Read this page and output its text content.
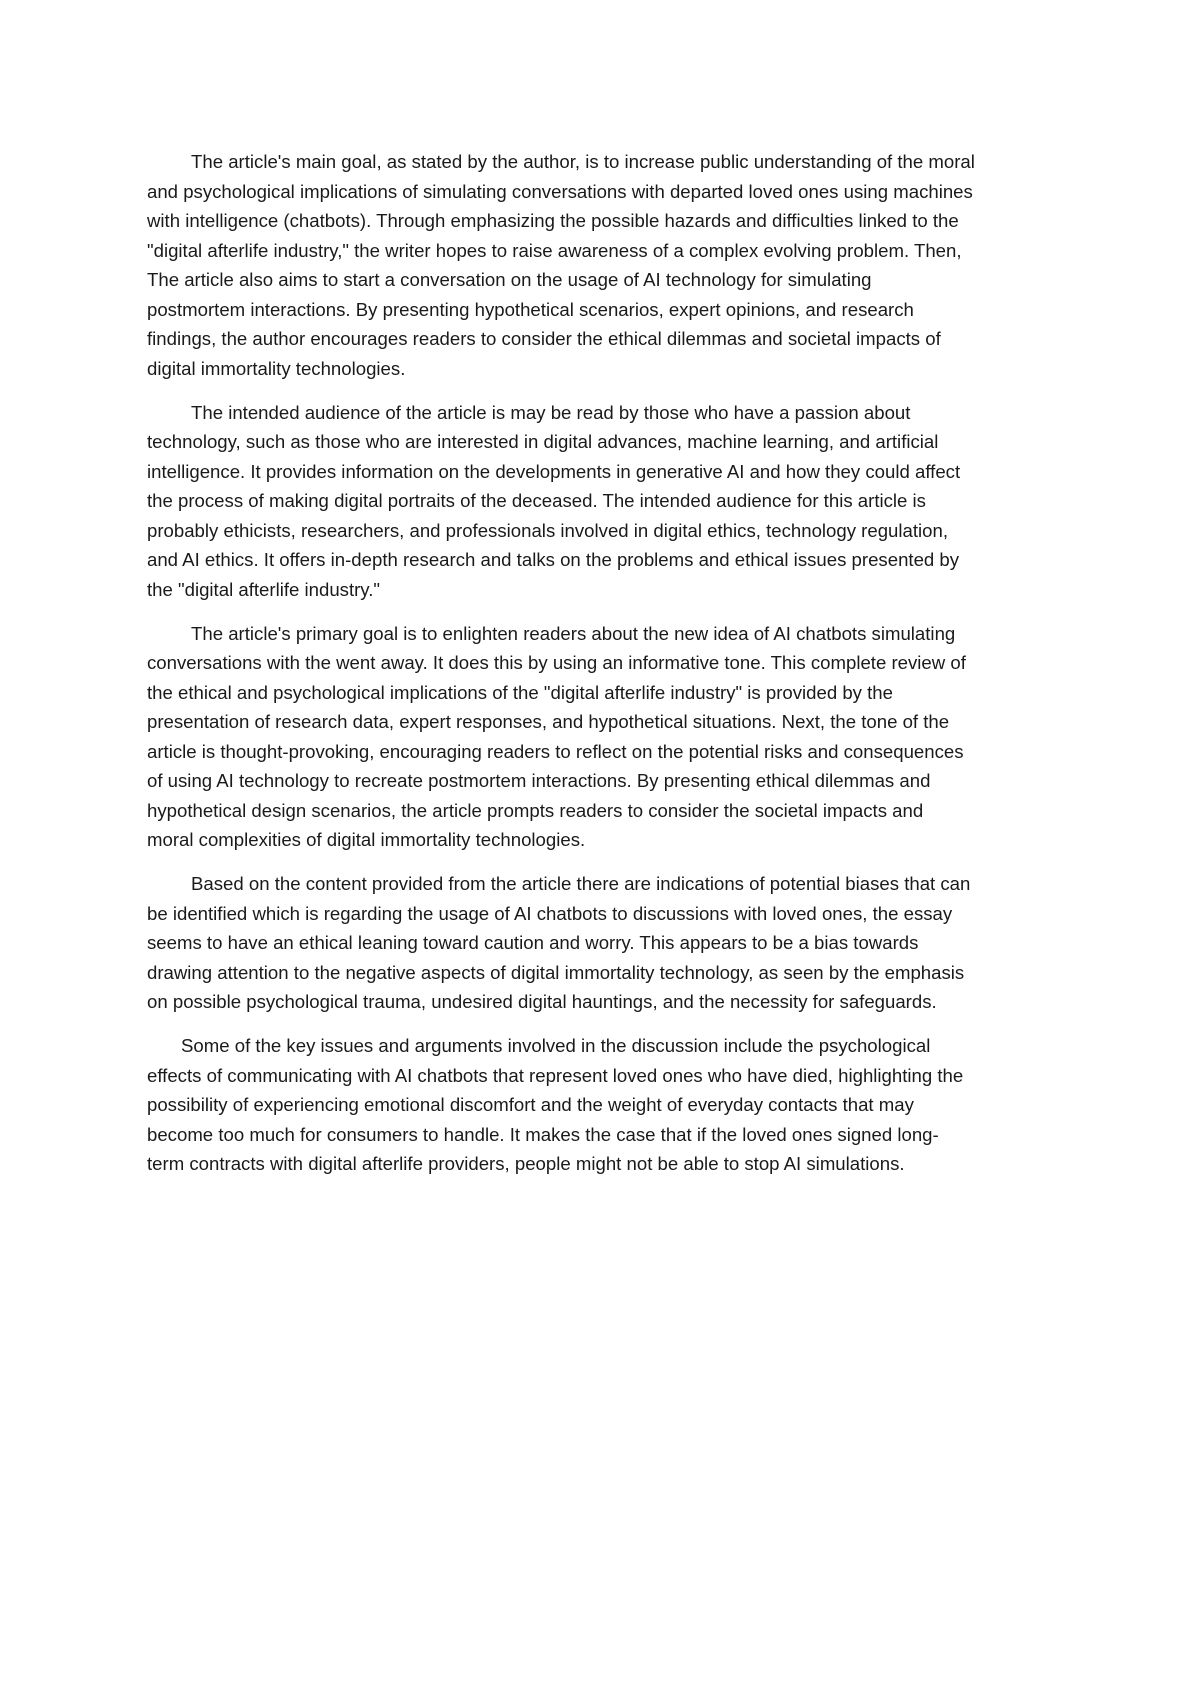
The article's main goal, as stated by the author, is to increase public understanding of the moral
and psychological implications of simulating conversations with departed loved ones using machines
with intelligence (chatbots). Through emphasizing the possible hazards and difficulties linked to the
"digital afterlife industry," the writer hopes to raise awareness of a complex evolving problem. Then,
The article also aims to start a conversation on the usage of AI technology for simulating
postmortem interactions. By presenting hypothetical scenarios, expert opinions, and research
findings, the author encourages readers to consider the ethical dilemmas and societal impacts of
digital immortality technologies.

The intended audience of the article is may be read by those who have a passion about
technology, such as those who are interested in digital advances, machine learning, and artificial
intelligence. It provides information on the developments in generative AI and how they could affect
the process of making digital portraits of the deceased. The intended audience for this article is
probably ethicists, researchers, and professionals involved in digital ethics, technology regulation,
and AI ethics. It offers in-depth research and talks on the problems and ethical issues presented by
the "digital afterlife industry."

The article's primary goal is to enlighten readers about the new idea of AI chatbots simulating
conversations with the went away. It does this by using an informative tone. This complete review of
the ethical and psychological implications of the "digital afterlife industry" is provided by the
presentation of research data, expert responses, and hypothetical situations. Next, the tone of the
article is thought-provoking, encouraging readers to reflect on the potential risks and consequences
of using AI technology to recreate postmortem interactions. By presenting ethical dilemmas and
hypothetical design scenarios, the article prompts readers to consider the societal impacts and
moral complexities of digital immortality technologies.

Based on the content provided from the article there are indications of potential biases that can
be identified which is regarding the usage of AI chatbots to discussions with loved ones, the essay
seems to have an ethical leaning toward caution and worry. This appears to be a bias towards
drawing attention to the negative aspects of digital immortality technology, as seen by the emphasis
on possible psychological trauma, undesired digital hauntings, and the necessity for safeguards.

Some of the key issues and arguments involved in the discussion include the psychological
effects of communicating with AI chatbots that represent loved ones who have died, highlighting the
possibility of experiencing emotional discomfort and the weight of everyday contacts that may
become too much for consumers to handle. It makes the case that if the loved ones signed long-
term contracts with digital afterlife providers, people might not be able to stop AI simulations.
